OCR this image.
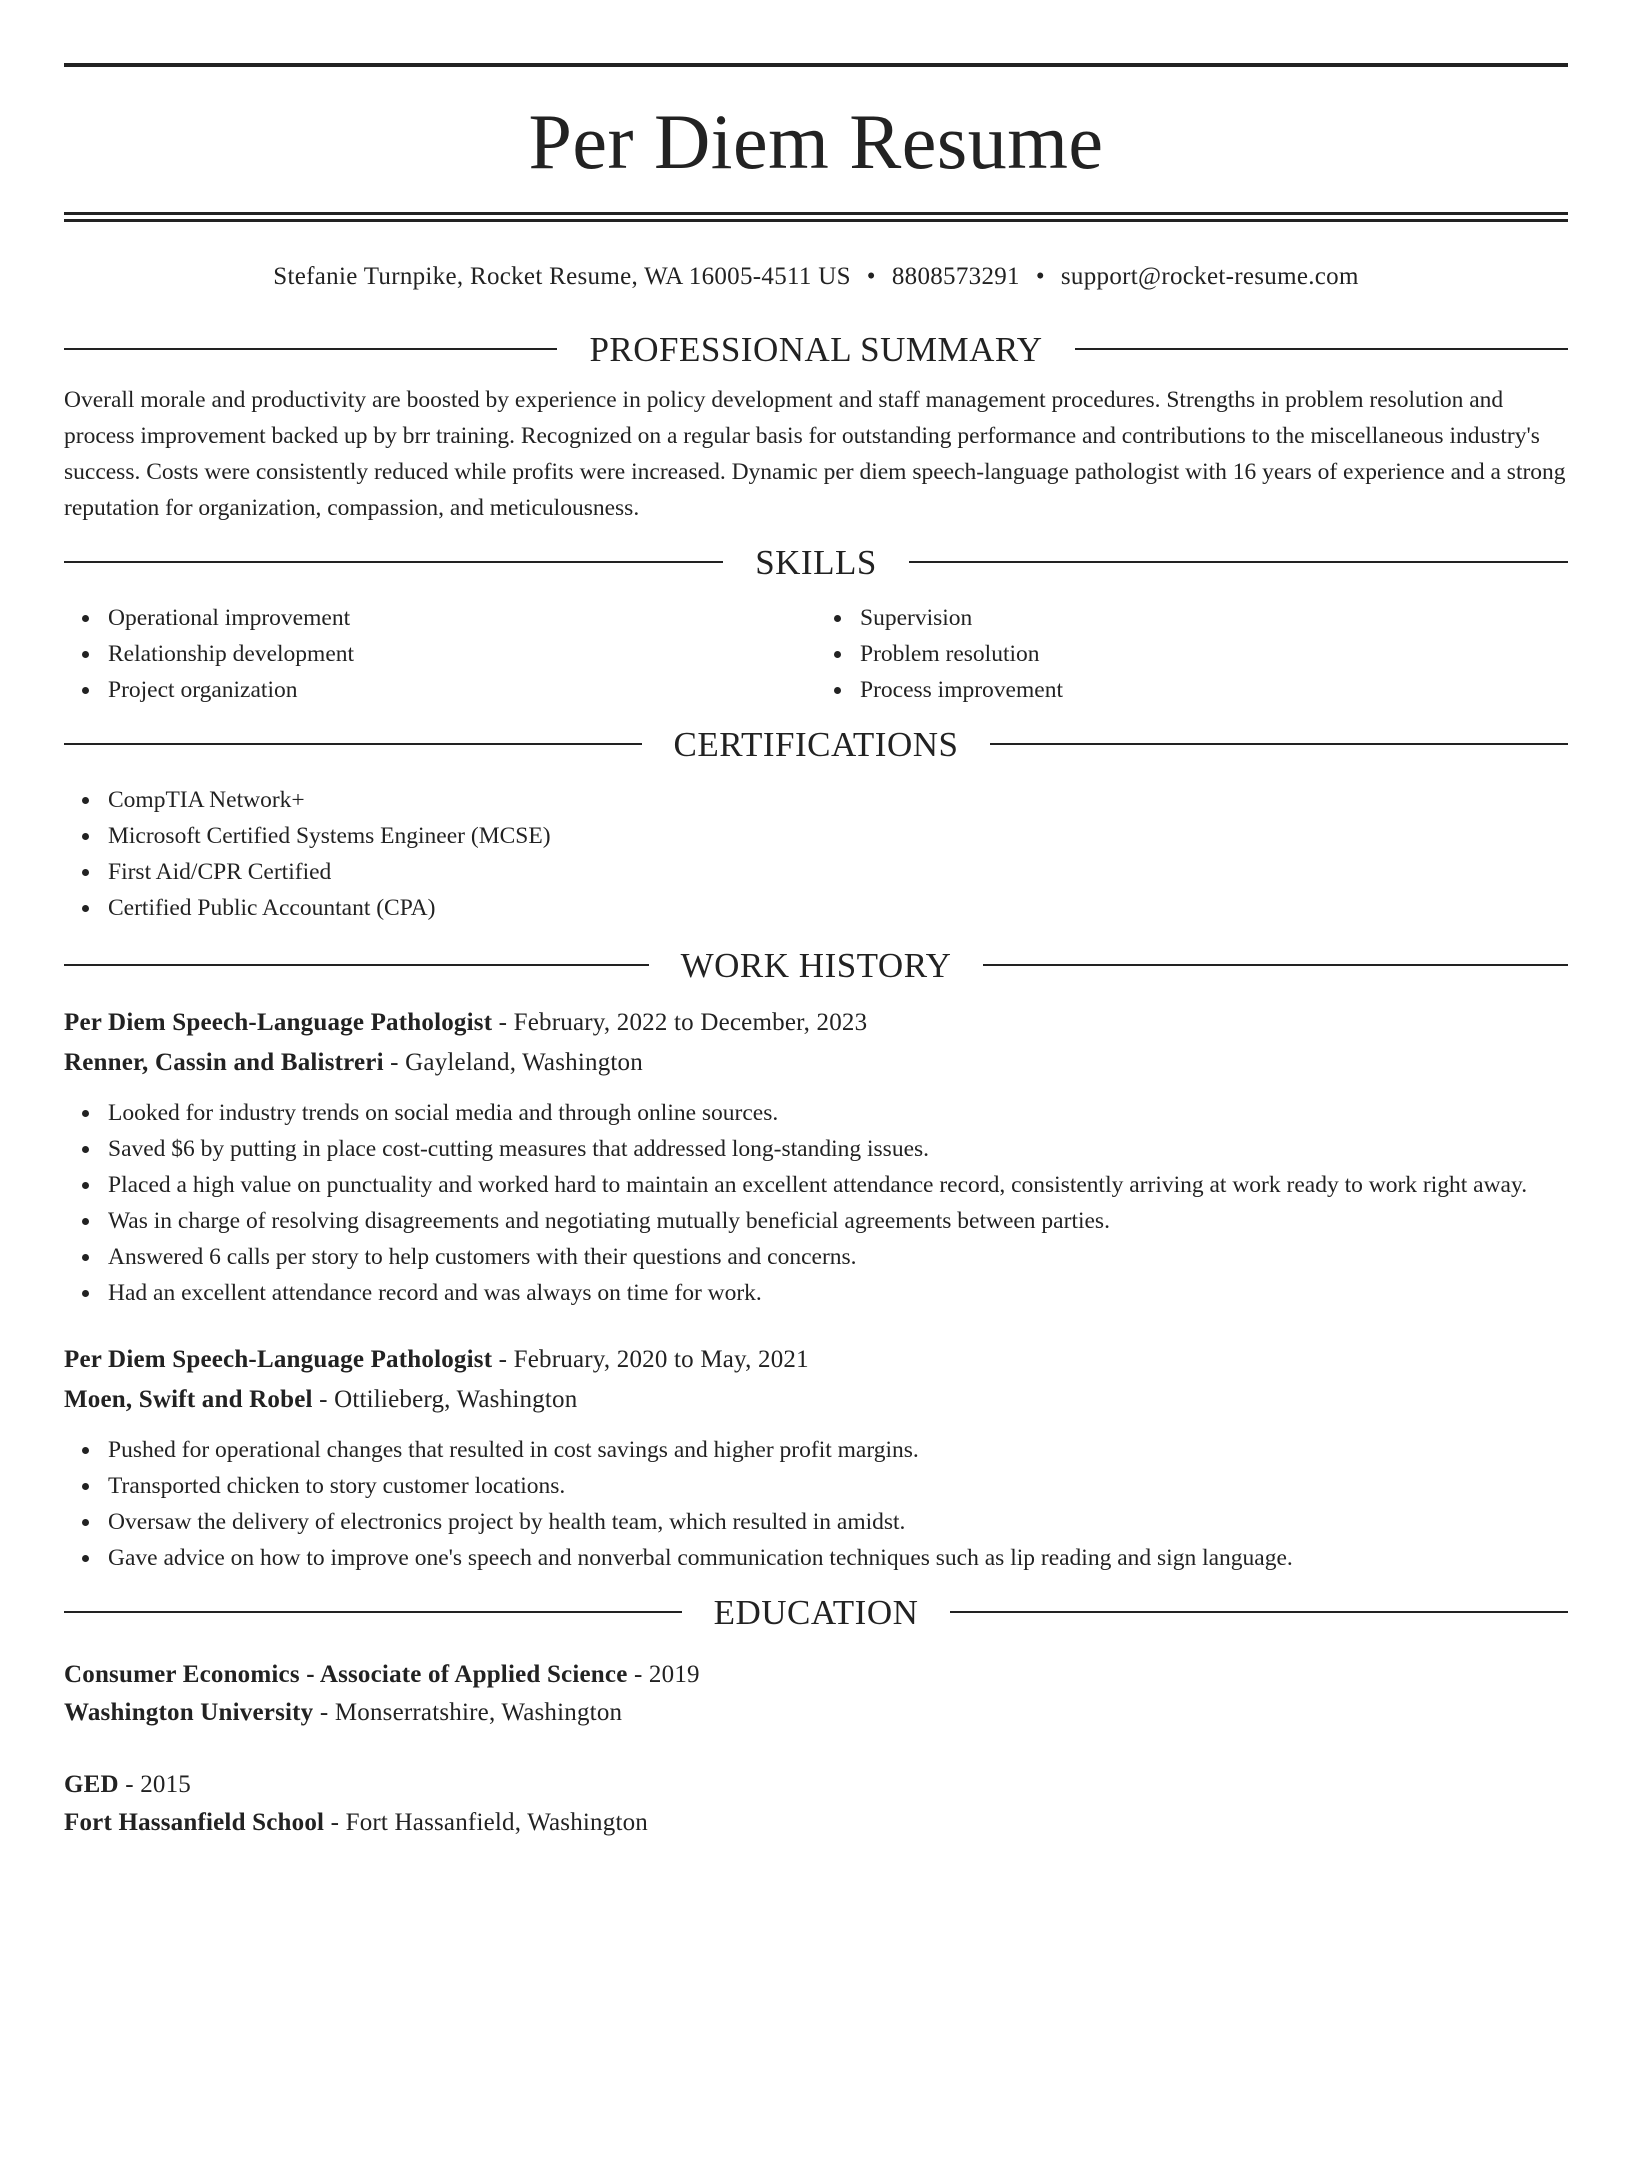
Per Diem Resume
Stefanie Turnpike, Rocket Resume, WA 16005-4511 US • 8808573291 • support@rocket-resume.com
PROFESSIONAL SUMMARY

Overall morale and productivity are boosted by experience in policy development and staff management procedures. Strengths in problem resolution and process improvement backed up by brr training. Recognized on a regular basis for outstanding performance and contributions to the miscellaneous industry's success. Costs were consistently reduced while profits were increased. Dynamic per diem speech-language pathologist with 16 years of experience and a strong reputation for organization, compassion, and meticulousness.

SKILLS
Operational improvement
Relationship development
Project organization
Supervision
Problem resolution
Process improvement
CERTIFICATIONS
CompTIA Network+
Microsoft Certified Systems Engineer (MCSE)
First Aid/CPR Certified
Certified Public Accountant (CPA)
WORK HISTORY
Per Diem Speech-Language Pathologist - February, 2022 to December, 2023
Renner, Cassin and Balistreri - Gayleland, Washington
Looked for industry trends on social media and through online sources.
Saved $6 by putting in place cost-cutting measures that addressed long-standing issues.
Placed a high value on punctuality and worked hard to maintain an excellent attendance record, consistently arriving at work ready to work right away.
Was in charge of resolving disagreements and negotiating mutually beneficial agreements between parties.
Answered 6 calls per story to help customers with their questions and concerns.
Had an excellent attendance record and was always on time for work.
Per Diem Speech-Language Pathologist - February, 2020 to May, 2021
Moen, Swift and Robel - Ottilieberg, Washington
Pushed for operational changes that resulted in cost savings and higher profit margins.
Transported chicken to story customer locations.
Oversaw the delivery of electronics project by health team, which resulted in amidst.
Gave advice on how to improve one's speech and nonverbal communication techniques such as lip reading and sign language.
EDUCATION
Consumer Economics - Associate of Applied Science - 2019
Washington University - Monserratshire, Washington
GED - 2015
Fort Hassanfield School - Fort Hassanfield, Washington
